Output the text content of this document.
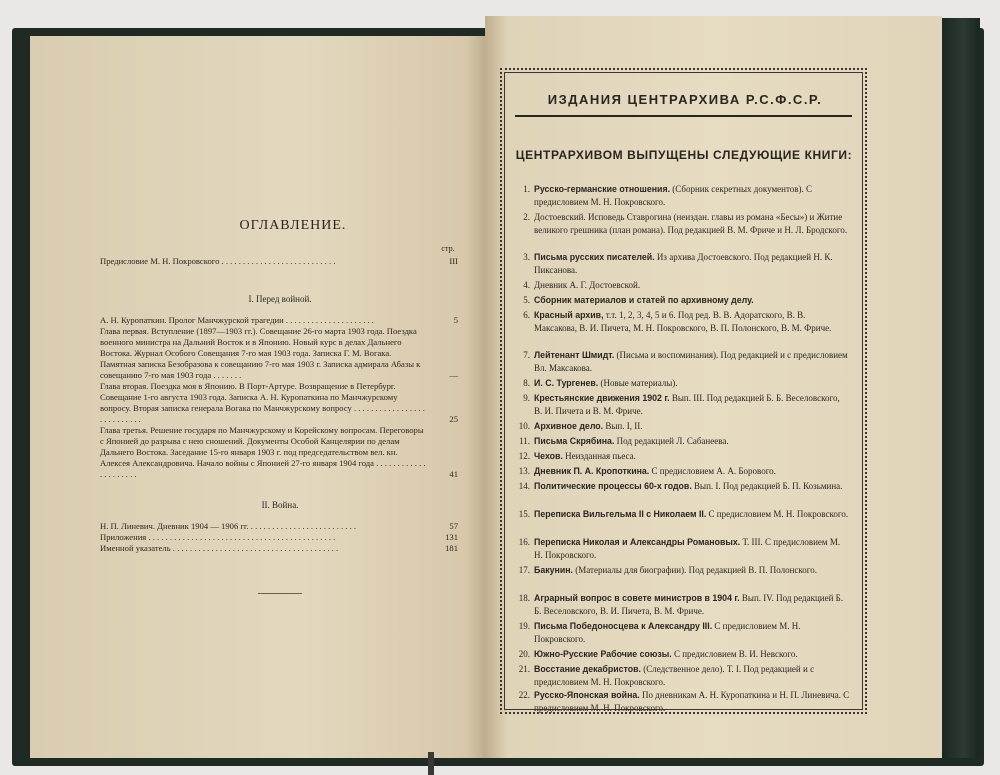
ОГЛАВЛЕНИЕ.
стр.
Предисловие М. Н. Покровского . . . . . . . . . . . . . . . . . . . . . . . . . . .	III
I. Перед войной.
А. Н. Куропаткин. Пролог Манчжурской трагедии . . . . . . . . . . . . . . . . . . . . .	5
Глава первая. Вступление (1897—1903 гг.). Совещание 26-го марта 1903 года. Поездка военного министра на Дальний Восток и в Японию. Новый курс в делах Дальнего Востока. Журнал Особого Совещания 7-го мая 1903 года. Записка Г. М. Вогака. Памятная записка Безобразова к совещанию 7-го мая 1903 г. Записка адмирала Абазы к совещанию 7-го мая 1903 года . . . . . . .	—
Глава вторая. Поездка моя в Японию. В Порт-Артуре. Возвращение в Петербург. Совещание 1-го августа 1903 года. Записка А. Н. Куропаткина по Манчжурскому вопросу. Вторая записка генерала Вогака по Манчжурскому вопросу . . . . . . . . . . . . . . . . . . . . . . . . . . .	25
Глава третья. Решение государя по Манчжурскому и Корейскому вопросам. Переговоры с Японией до разрыва с нею сношений. Документы Особой Канцелярии по делам Дальнего Востока. Заседание 15-го января 1903 г. под председательством вел. кн. Алексея Александровича. Начало войны с Японией 27-го января 1904 года . . . . . . . . . . . . . . . . . . . . .	41
II. Война.
Н. П. Линевич. Дневник 1904 — 1906 гг. . . . . . . . . . . . . . . . . . . . . . . . . .	57
Приложения . . . . . . . . . . . . . . . . . . . . . . . . . . . . . . . . . . . . . . . . . . . .	131
Именной указатель . . . . . . . . . . . . . . . . . . . . . . . . . . . . . . . . . . . . . . .	181
ИЗДАНИЯ ЦЕНТРАРХИВА Р.С.Ф.С.Р.
ЦЕНТРАРХИВОМ ВЫПУЩЕНЫ СЛЕДУЮЩИЕ КНИГИ:
1. Русско-германские отношения. (Сборник секретных документов). С предисловием М. Н. Покровского.
2. Достоевский. Исповедь Ставрогина (неиздан. главы из романа «Бесы») и Житие великого грешника (план романа). Под редакцией В. М. Фриче и Н. Л. Бродского.
3. Письма русских писателей. Из архива Достоевского. Под редакцией Н. К. Пиксанова.
4. Дневник А. Г. Достоевской.
5. Сборник материалов и статей по архивному делу.
6. Красный архив, т.т. 1, 2, 3, 4, 5 и 6. Под ред. В. В. Адоратского, В. В. Максакова, В. И. Пичета, М. Н. Покровского, В. П. Полонского, В. М. Фриче.
7. Лейтенант Шмидт. (Письма и воспоминания). Под редакцией и с предисловием Вл. Максакова.
8. И. С. Тургенев. (Новые материалы).
9. Крестьянские движения 1902 г. Вып. III. Под редакцией Б. Б. Веселовского, В. И. Пичета и В. М. Фриче.
10. Архивное дело. Вып. I, II.
11. Письма Скрябина. Под редакцией Л. Сабанеева.
12. Чехов. Неизданная пьеса.
13. Дневник П. А. Кропоткина. С предисловием А. А. Борового.
14. Политические процессы 60-х годов. Вып. I. Под редакцией Б. П. Козьмина.
15. Переписка Вильгельма II с Николаем II. С предисловием М. Н. Покровского.
16. Переписка Николая и Александры Романовых. Т. III. С предисловием М. Н. Покровского.
17. Бакунин. (Материалы для биографии). Под редакцией В. П. Полонского.
18. Аграрный вопрос в совете министров в 1904 г. Вып. IV. Под редакцией Б. Б. Веселовского, В. И. Пичета, В. М. Фриче.
19. Письма Победоносцева к Александру III. С предисловием М. Н. Покровского.
20. Южно-Русские Рабочие союзы. С предисловием В. И. Невского.
21. Восстание декабристов. (Следственное дело). Т. I. Под редакцией и с предисловием М. Н. Покровского.
22. Русско-Японская война. По дневникам А. Н. Куропаткина и Н. П. Линевича. С предисловием М. Н. Покровского.
